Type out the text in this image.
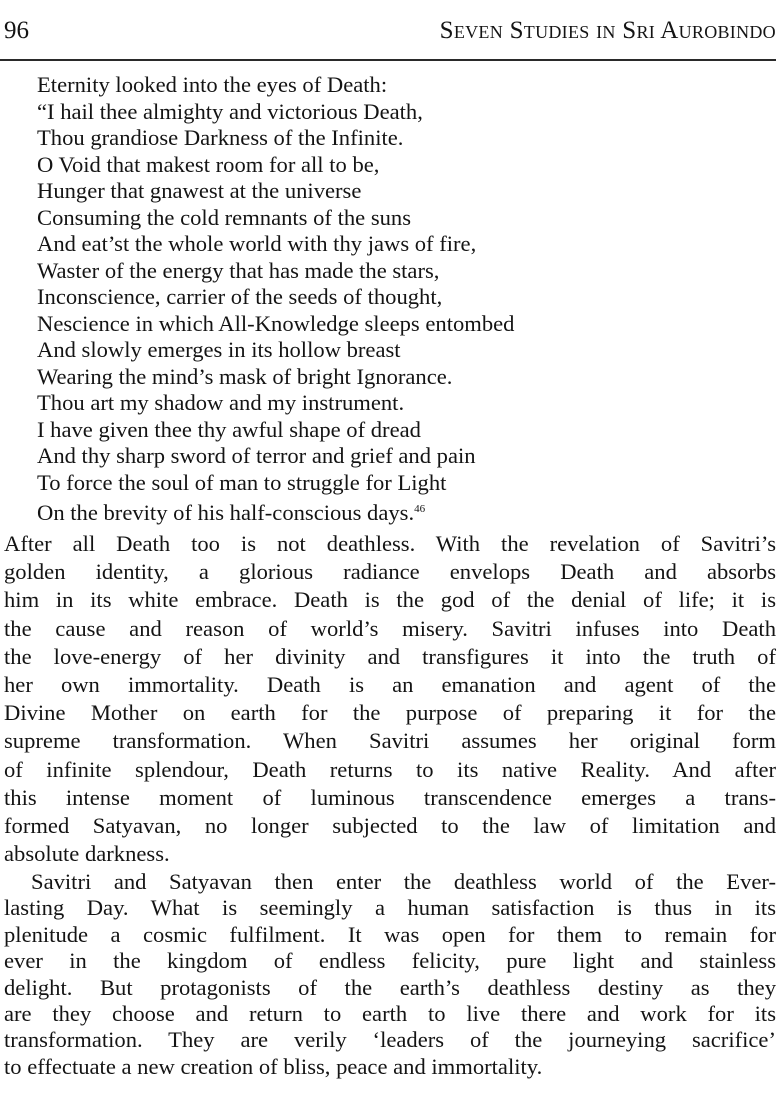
96	Seven Studies in Sri Aurobindo
Eternity looked into the eyes of Death:
“I hail thee almighty and victorious Death,
Thou grandiose Darkness of the Infinite.
O Void that makest room for all to be,
Hunger that gnawest at the universe
Consuming the cold remnants of the suns
And eat’st the whole world with thy jaws of fire,
Waster of the energy that has made the stars,
Inconscience, carrier of the seeds of thought,
Nescience in which All-Knowledge sleeps entombed
And slowly emerges in its hollow breast
Wearing the mind’s mask of bright Ignorance.
Thou art my shadow and my instrument.
I have given thee thy awful shape of dread
And thy sharp sword of terror and grief and pain
To force the soul of man to struggle for Light
On the brevity of his half-conscious days.$^{46}$
After all Death too is not deathless. With the revelation of Savitri’s
golden identity, a glorious radiance envelops Death and absorbs
him in its white embrace. Death is the god of the denial of life; it is
the cause and reason of world’s misery. Savitri infuses into Death
the love-energy of her divinity and transfigures it into the truth of
her own immortality. Death is an emanation and agent of the
Divine Mother on earth for the purpose of preparing it for the
supreme transformation. When Savitri assumes her original form
of infinite splendour, Death returns to its native Reality. And after
this intense moment of luminous transcendence emerges a trans-
formed Satyavan, no longer subjected to the law of limitation and
absolute darkness.
Savitri and Satyavan then enter the deathless world of the Ever-
lasting Day. What is seemingly a human satisfaction is thus in its
plenitude a cosmic fulfilment. It was open for them to remain for
ever in the kingdom of endless felicity, pure light and stainless
delight. But protagonists of the earth’s deathless destiny as they
are they choose and return to earth to live there and work for its
transformation. They are verily ‘leaders of the journeying sacrifice’
to effectuate a new creation of bliss, peace and immortality.
